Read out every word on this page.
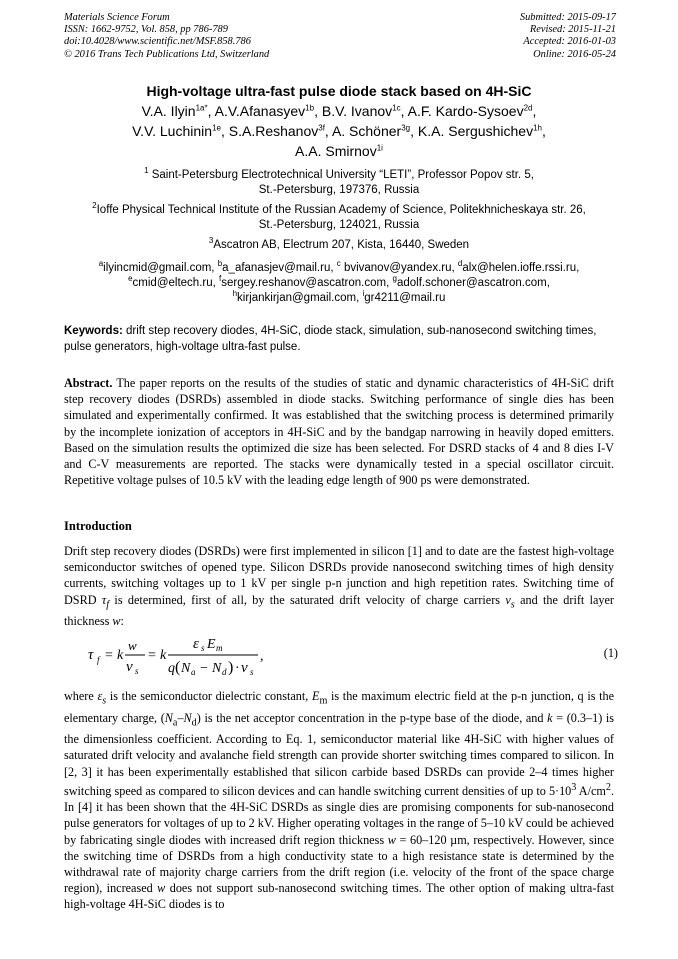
Materials Science Forum
ISSN: 1662-9752, Vol. 858, pp 786-789
doi:10.4028/www.scientific.net/MSF.858.786
© 2016 Trans Tech Publications Ltd, Switzerland
Submitted: 2015-09-17
Revised: 2015-11-21
Accepted: 2016-01-03
Online: 2016-05-24
High-voltage ultra-fast pulse diode stack based on 4H-SiC
V.A. Ilyin$^{1a*}$, A.V.Afanasyev$^{1b}$, B.V. Ivanov$^{1c}$, A.F. Kardo-Sysoev$^{2d}$,
V.V. Luchinin$^{1e}$, S.A.Reshanov$^{3f}$, A. Schöner$^{3g}$, K.A. Sergushichev$^{1h}$,
A.A. Smirnov$^{1i}$
$^1$ Saint-Petersburg Electrotechnical University “LETI”, Professor Popov str. 5,
St.-Petersburg, 197376, Russia
$^2$Ioffe Physical Technical Institute of the Russian Academy of Science, Politekhnicheskaya str. 26,
St.-Petersburg, 124021, Russia
$^3$Ascatron AB, Electrum 207, Kista, 16440, Sweden
$^a$ilyincmid@gmail.com, $^b$a_afanasjev@mail.ru, $^c$ bvivanov@yandex.ru, $^d$alx@helen.ioffe.rssi.ru,
$^e$cmid@eltech.ru, $^f$sergey.reshanov@ascatron.com, $^g$adolf.schoner@ascatron.com,
$^h$kirjankirjan@gmail.com, $^i$gr4211@mail.ru
Keywords: drift step recovery diodes, 4H-SiC, diode stack, simulation, sub-nanosecond switching times, pulse generators, high-voltage ultra-fast pulse.
Abstract. The paper reports on the results of the studies of static and dynamic characteristics of 4H-SiC drift step recovery diodes (DSRDs) assembled in diode stacks. Switching performance of single dies has been simulated and experimentally confirmed. It was established that the switching process is determined primarily by the incomplete ionization of acceptors in 4H-SiC and by the bandgap narrowing in heavily doped emitters. Based on the simulation results the optimized die size has been selected. For DSRD stacks of 4 and 8 dies I-V and C-V measurements are reported. The stacks were dynamically tested in a special oscillator circuit. Repetitive voltage pulses of 10.5 kV with the leading edge length of 900 ps were demonstrated.
Introduction
Drift step recovery diodes (DSRDs) were first implemented in silicon [1] and to date are the fastest high-voltage semiconductor switches of opened type. Silicon DSRDs provide nanosecond switching times of high density currents, switching voltages up to 1 kV per single p-n junction and high repetition rates. Switching time of DSRD $\tau_f$ is determined, first of all, by the saturated drift velocity of charge carriers $v_s$ and the drift layer thickness w:
τ f = k
w
ν s
= k
ε s E m
q ( N a − N d ) · ν s
,	(1)
where $\varepsilon_s$ is the semiconductor dielectric constant, $E_m$ is the maximum electric field at the p-n junction, q is the elementary charge, $(N_a-N_d)$ is the net acceptor concentration in the p-type base of the diode, and k = (0.3–1) is the dimensionless coefficient. According to Eq. 1, semiconductor material like 4H-SiC with higher values of saturated drift velocity and avalanche field strength can provide shorter switching times compared to silicon. In [2, 3] it has been experimentally established that silicon carbide based DSRDs can provide 2–4 times higher switching speed as compared to silicon devices and can handle switching current densities of up to $5\cdot 10^3$ $A/cm^2$. In [4] it has been shown that the 4H-SiC DSRDs as single dies are promising components for sub-nanosecond pulse generators for voltages of up to 2 kV. Higher operating voltages in the range of 5–10 kV could be achieved by fabricating single diodes with increased drift region thickness w = 60–120 µm, respectively. However, since the switching time of DSRDs from a high conductivity state to a high resistance state is determined by the withdrawal rate of majority charge carriers from the drift region (i.e. velocity of the front of the space charge region), increased w does not support sub-nanosecond switching times. The other option of making ultra-fast high-voltage 4H-SiC diodes is to
